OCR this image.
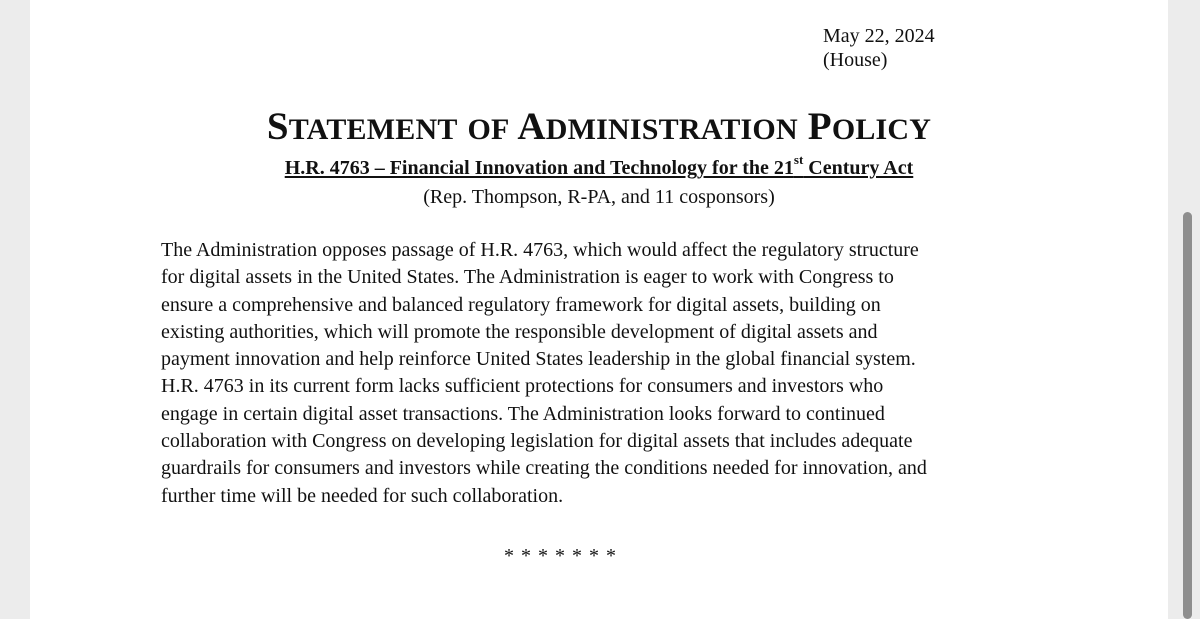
May 22, 2024
(House)
STATEMENT OF ADMINISTRATION POLICY
H.R. 4763 – Financial Innovation and Technology for the 21st Century Act
(Rep. Thompson, R-PA, and 11 cosponsors)
The Administration opposes passage of H.R. 4763, which would affect the regulatory structure
for digital assets in the United States. The Administration is eager to work with Congress to
ensure a comprehensive and balanced regulatory framework for digital assets, building on
existing authorities, which will promote the responsible development of digital assets and
payment innovation and help reinforce United States leadership in the global financial system.
H.R. 4763 in its current form lacks sufficient protections for consumers and investors who
engage in certain digital asset transactions. The Administration looks forward to continued
collaboration with Congress on developing legislation for digital assets that includes adequate
guardrails for consumers and investors while creating the conditions needed for innovation, and
further time will be needed for such collaboration.
* * * * * * *
